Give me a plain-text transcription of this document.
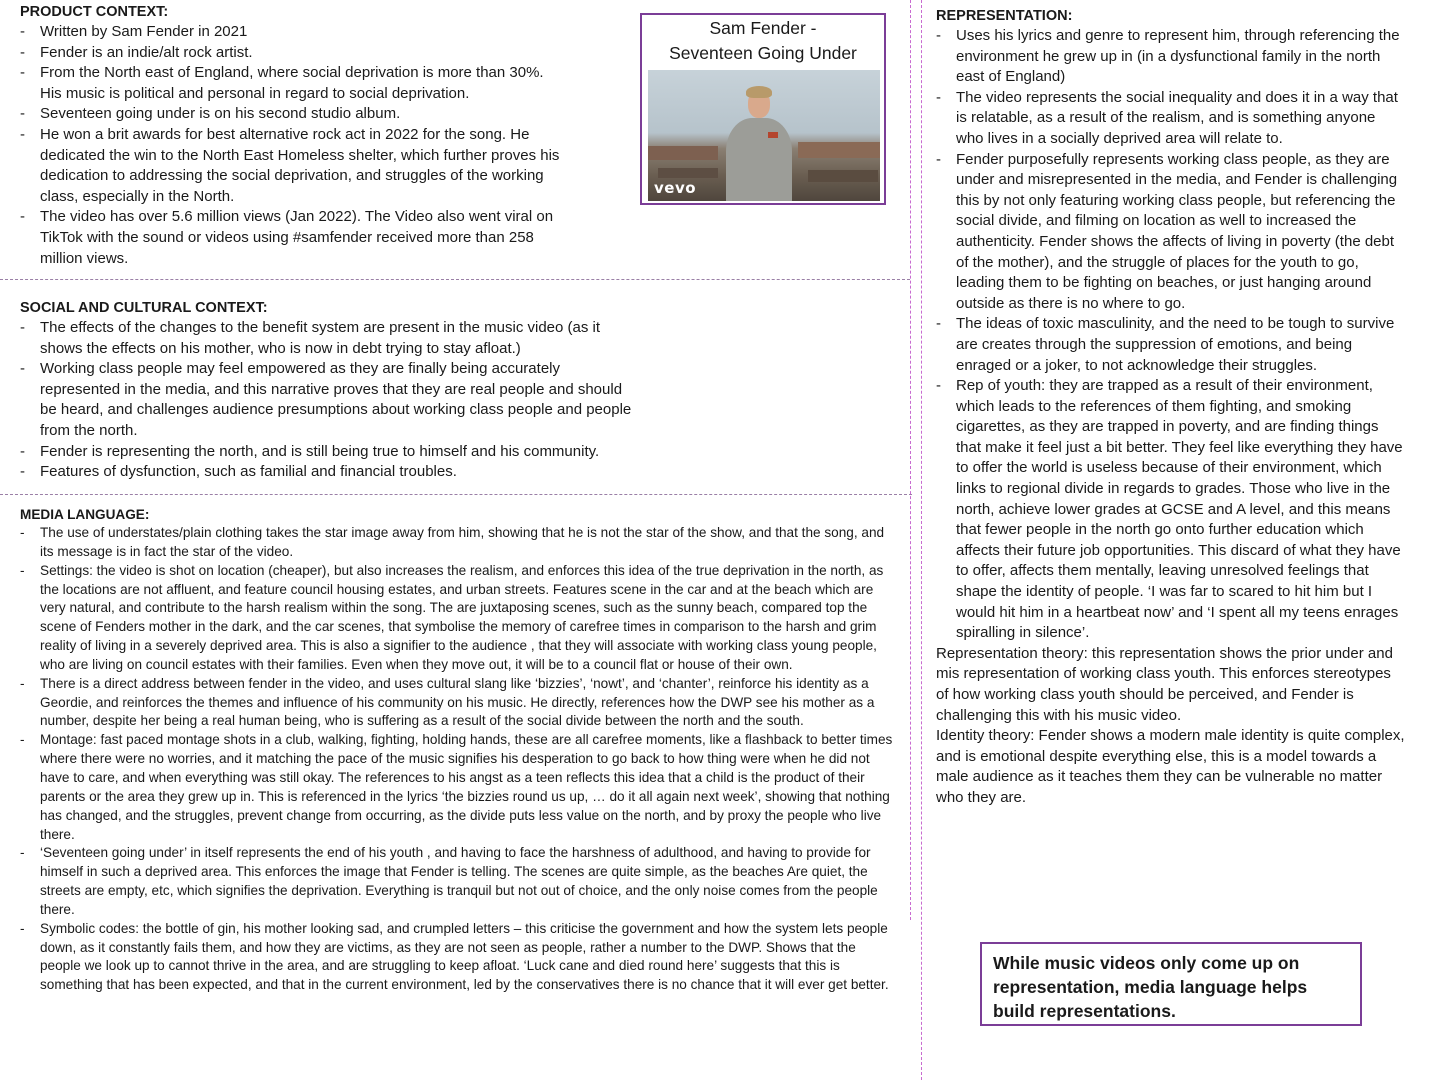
PRODUCT CONTEXT:

- Written by Sam Fender in 2021
- Fender is an indie/alt rock artist.
- From the North east of England, where social deprivation is more than 30%. His music is political and personal in regard to social deprivation.
- Seventeen going under is on his second studio album.
- He won a brit awards for best alternative rock act in 2022 for the song. He dedicated the win to the North East Homeless shelter, which further proves his dedication to addressing the social deprivation, and struggles of the working class, especially in the North.
- The video has over 5.6 million views (Jan 2022). The Video also went viral on TikTok with the sound or videos using #samfender received more than 258 million views.
Sam Fender -
Seventeen Going Under
vevo

SOCIAL AND CULTURAL CONTEXT:

- The effects of the changes to the benefit system are present in the music video (as it shows the effects on his mother, who is now in debt trying to stay afloat.)
- Working class people may feel empowered as they are finally being accurately represented in the media, and this narrative proves that they are real people and should be heard, and challenges audience presumptions about working class people and people from the north.
- Fender is representing the north, and is still being true to himself and his community.
- Features of dysfunction, such as familial and financial troubles.

MEDIA LANGUAGE:

- The use of understates/plain clothing takes the star image away from him, showing that he is not the star of the show, and that the song, and its message is in fact the star of the video.
- Settings: the video is shot on location (cheaper), but also increases the realism, and enforces this idea of the true deprivation in the north, as the locations are not affluent, and feature council housing estates, and urban streets. Features scene in the car and at the beach which are very natural, and contribute to the harsh realism within the song. The are juxtaposing scenes, such as the sunny beach, compared top the scene of Fenders mother in the dark, and the car scenes, that symbolise the memory of carefree times in comparison to the harsh and grim reality of living in a severely deprived area. This is also a signifier to the audience , that they will associate with working class young people, who are living on council estates with their families. Even when they move out, it will be to a council flat or house of their own.
- There is a direct address between fender in the video, and uses cultural slang like ‘bizzies’, ‘nowt’, and ‘chanter’, reinforce his identity as a Geordie, and reinforces the themes and influence of his community on his music. He directly, references how the DWP see his mother as a number, despite her being a real human being, who is suffering as a result of the social divide between the north and the south.
- Montage: fast paced montage shots in a club, walking, fighting, holding hands, these are all carefree moments, like a flashback to better times where there were no worries, and it matching the pace of the music signifies his desperation to go back to how thing were when he did not have to care, and when everything was still okay. The references to his angst as a teen reflects this idea that a child is the product of their parents or the area they grew up in. This is referenced in the lyrics ‘the bizzies round us up, … do it all again next week’, showing that nothing has changed, and the struggles, prevent change from occurring, as the divide puts less value on the north, and by proxy the people who live there.
- ‘Seventeen going under’ in itself represents the end of his youth , and having to face the harshness of adulthood, and having to provide for himself in such a deprived area. This enforces the image that Fender is telling. The scenes are quite simple, as the beaches Are quiet, the streets are empty, etc, which signifies the deprivation. Everything is tranquil but not out of choice, and the only noise comes from the people there.
- Symbolic codes: the bottle of gin, his mother looking sad, and crumpled letters – this criticise the government and how the system lets people down, as it constantly fails them, and how they are victims, as they are not seen as people, rather a number to the DWP. Shows that the people we look up to cannot thrive in the area, and are struggling to keep afloat. ‘Luck cane and died round here’ suggests that this is something that has been expected, and that in the current environment, led by the conservatives there is no chance that it will ever get better.

REPRESENTATION:

- Uses his lyrics and genre to represent him, through referencing the environment he grew up in (in a dysfunctional family in the north east of England)
- The video represents the social inequality and does it in a way that is relatable, as a result of the realism, and is something anyone who lives in a socially deprived area will relate to.
- Fender purposefully represents working class people, as they are under and misrepresented in the media, and Fender is challenging this by not only featuring working class people, but referencing the social divide, and filming on location as well to increased the authenticity. Fender shows the affects of living in poverty (the debt of the mother), and the struggle of places for the youth to go, leading them to be fighting on beaches, or just hanging around outside as there is no where to go.
- The ideas of toxic masculinity, and the need to be tough to survive are creates through the suppression of emotions, and being enraged or a joker, to not acknowledge their struggles.
- Rep of youth: they are trapped as a result of their environment, which leads to the references of them fighting, and smoking cigarettes, as they are trapped in poverty, and are finding things that make it feel just a bit better. They feel like everything they have to offer the world is useless because of their environment, which links to regional divide in regards to grades. Those who live in the north, achieve lower grades at GCSE and A level, and this means that fewer people in the north go onto further education which affects their future job opportunities. This discard of what they have to offer, affects them mentally, leaving unresolved feelings that shape the identity of people. ‘I was far to scared to hit him but I would hit him in a heartbeat now’ and ‘I spent all my teens enrages spiralling in silence’.

Representation theory: this representation shows the prior under and mis representation of working class youth. This enforces stereotypes of how working class youth should be perceived, and Fender is challenging this with his music video.

Identity theory: Fender shows a modern male identity is quite complex, and is emotional despite everything else, this is a model towards a male audience as it teaches them they can be vulnerable no matter who they are.

While music videos only come up on representation, media language helps build representations.
